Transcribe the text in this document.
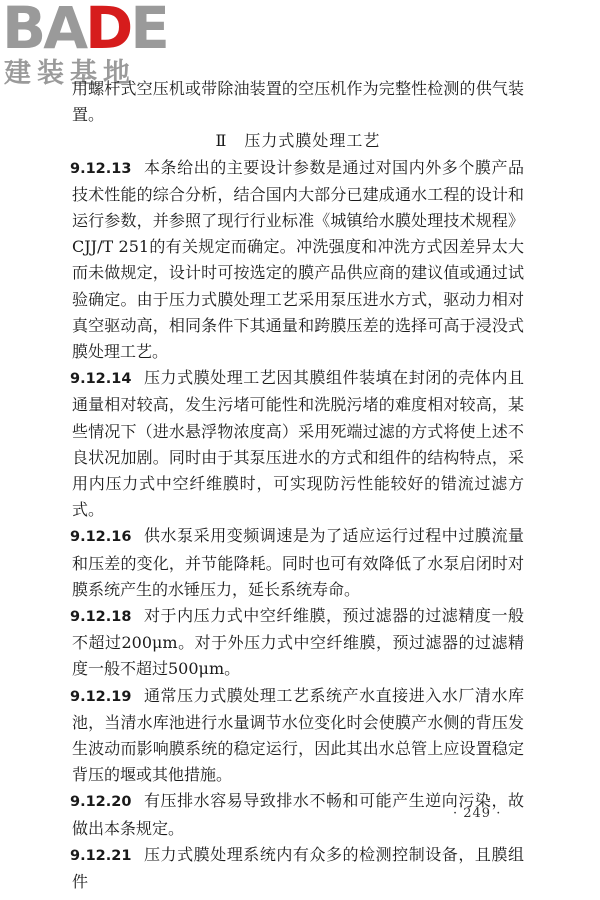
BADE
建装基地

用螺杆式空压机或带除油装置的空压机作为完整性检测的供气装置。

Ⅱ　压力式膜处理工艺

9.12.13 本条给出的主要设计参数是通过对国内外多个膜产品技术性能的综合分析，结合国内大部分已建成通水工程的设计和运行参数，并参照了现行行业标准《城镇给水膜处理技术规程》CJJ/T 251的有关规定而确定。冲洗强度和冲洗方式因差异太大而未做规定，设计时可按选定的膜产品供应商的建议值或通过试验确定。由于压力式膜处理工艺采用泵压进水方式，驱动力相对真空驱动高，相同条件下其通量和跨膜压差的选择可高于浸没式膜处理工艺。

9.12.14 压力式膜处理工艺因其膜组件装填在封闭的壳体内且通量相对较高，发生污堵可能性和洗脱污堵的难度相对较高，某些情况下（进水悬浮物浓度高）采用死端过滤的方式将使上述不良状况加剧。同时由于其泵压进水的方式和组件的结构特点，采用内压力式中空纤维膜时，可实现防污性能较好的错流过滤方式。

9.12.16 供水泵采用变频调速是为了适应运行过程中过膜流量和压差的变化，并节能降耗。同时也可有效降低了水泵启闭时对膜系统产生的水锤压力，延长系统寿命。

9.12.18 对于内压力式中空纤维膜，预过滤器的过滤精度一般不超过200μm。对于外压力式中空纤维膜，预过滤器的过滤精度一般不超过500μm。

9.12.19 通常压力式膜处理工艺系统产水直接进入水厂清水库池，当清水库池进行水量调节水位变化时会使膜产水侧的背压发生波动而影响膜系统的稳定运行，因此其出水总管上应设置稳定背压的堰或其他措施。

9.12.20 有压排水容易导致排水不畅和可能产生逆向污染，故做出本条规定。

9.12.21 压力式膜处理系统内有众多的检测控制设备，且膜组件

· 249 ·
